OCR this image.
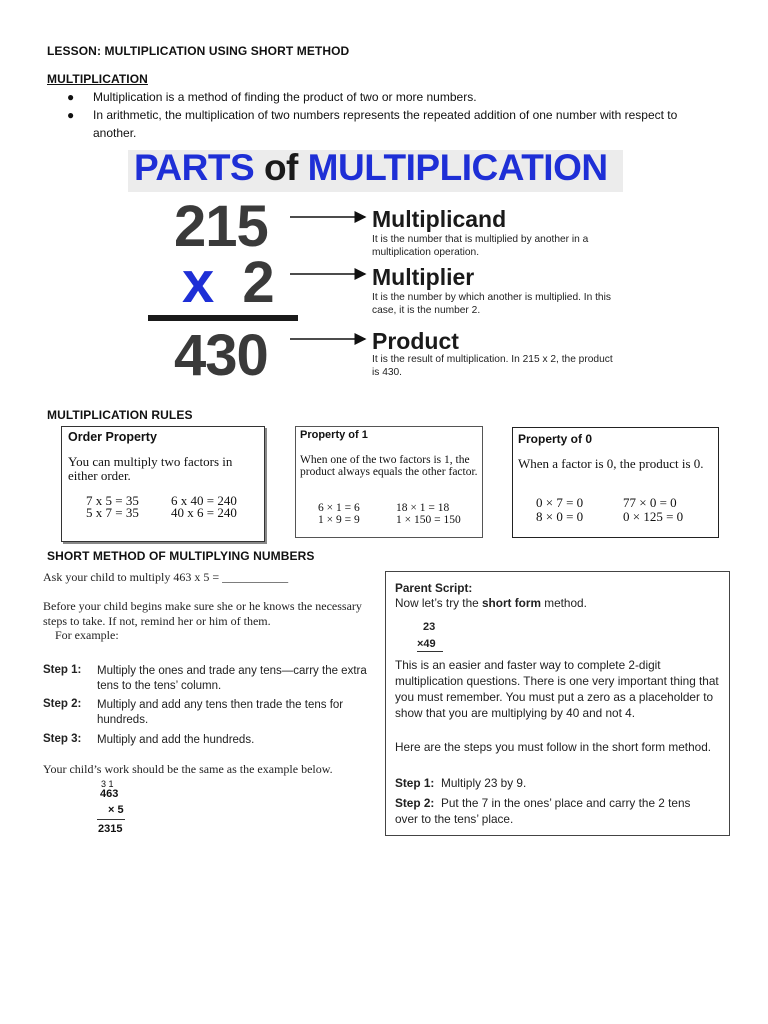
LESSON: MULTIPLICATION USING SHORT METHOD
MULTIPLICATION
● Multiplication is a method of finding the product of two or more numbers.
● In arithmetic, the multiplication of two numbers represents the repeated addition of one number with respect to another.
PARTS of MULTIPLICATION
215
x 2
430
Multiplicand
It is the number that is multiplied by another in a multiplication operation.
Multiplier
It is the number by which another is multiplied. In this case, it is the number 2.
Product
It is the result of multiplication. In 215 x 2, the product is 430.
MULTIPLICATION RULES
Order Property
You can multiply two factors in either order.
7 x 5 = 35
5 x 7 = 35
6 x 40 = 240
40 x 6 = 240
Property of 1
When one of the two factors is 1, the product always equals the other factor.
6 × 1 = 6
1 × 9 = 9
18 × 1 = 18
1 × 150 = 150
Property of 0
When a factor is 0, the product is 0.
0 × 7 = 0
8 × 0 = 0
77 × 0 = 0
0 × 125 = 0
SHORT METHOD OF MULTIPLYING NUMBERS
Ask your child to multiply 463 x 5 = ___________
Before your child begins make sure she or he knows the necessary steps to take. If not, remind her or him of them.
For example:
Step 1: Multiply the ones and trade any tens—carry the extra tens to the tens’ column.
Step 2: Multiply and add any tens then trade the tens for hundreds.
Step 3: Multiply and add the hundreds.
Your child’s work should be the same as the example below.
3 1
463
× 5
2315
Parent Script:
Now let’s try the short form method.
23
×49
This is an easier and faster way to complete 2-digit multiplication questions. There is one very important thing that you must remember. You must put a zero as a placeholder to show that you are multiplying by 40 and not 4.
Here are the steps you must follow in the short form method.
Step 1: Multiply 23 by 9.
Step 2: Put the 7 in the ones’ place and carry the 2 tens over to the tens’ place.
